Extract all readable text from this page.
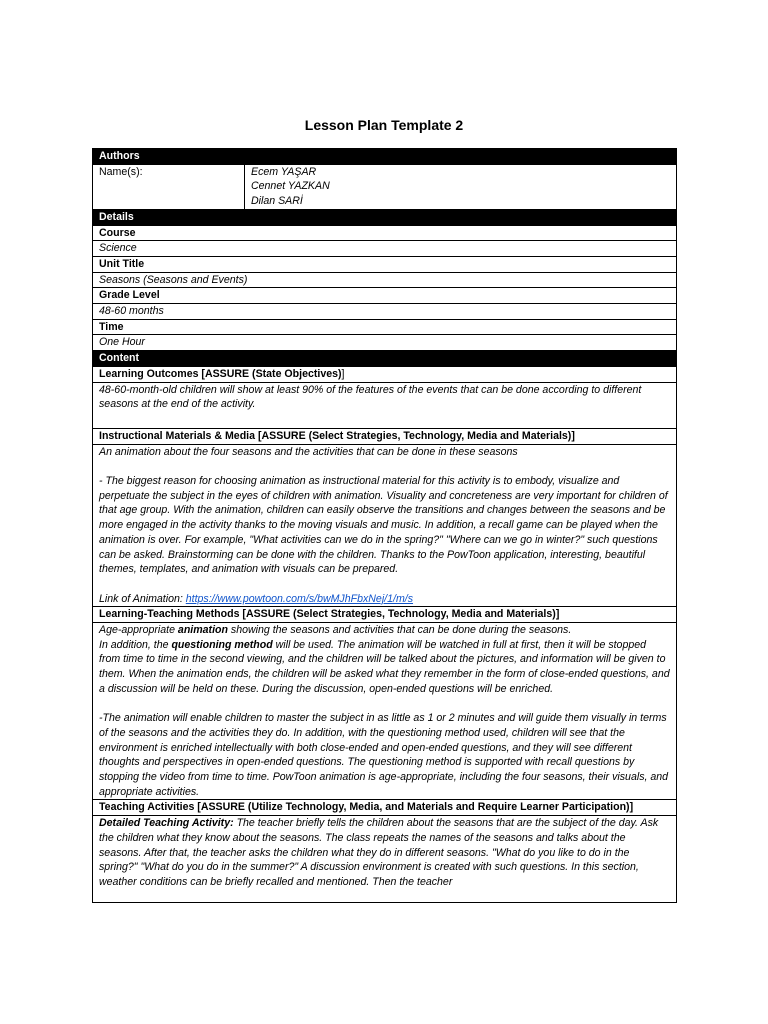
Lesson Plan Template 2
Authors
Name(s):	Ecem YAŞAR
Cennet YAZKAN
Dilan SARİ

Details
Course
Science
Unit Title
Seasons (Seasons and Events)
Grade Level
48-60 months
Time
One Hour
Content
Learning Outcomes [ASSURE (State Objectives)]
48-60-month-old children will show at least 90% of the features of the events that can be done according to different seasons at the end of the activity.
Instructional Materials & Media [ASSURE (Select Strategies, Technology, Media and Materials)]

An animation about the four seasons and the activities that can be done in these seasons

- The biggest reason for choosing animation as instructional material for this activity is to embody, visualize and perpetuate the subject in the eyes of children with animation. Visuality and concreteness are very important for children of that age group. With the animation, children can easily observe the transitions and changes between the seasons and be more engaged in the activity thanks to the moving visuals and music. In addition, a recall game can be played when the animation is over. For example, "What activities can we do in the spring?" "Where can we go in winter?" such questions can be asked. Brainstorming can be done with the children. Thanks to the PowToon application, interesting, beautiful themes, templates, and animation with visuals can be prepared.

Link of Animation: https://www.powtoon.com/s/bwMJhFbxNej/1/m/s

Learning-Teaching Methods [ASSURE (Select Strategies, Technology, Media and Materials)]

Age-appropriate animation showing the seasons and activities that can be done during the seasons.

In addition, the questioning method will be used. The animation will be watched in full at first, then it will be stopped from time to time in the second viewing, and the children will be talked about the pictures, and information will be given to them. When the animation ends, the children will be asked what they remember in the form of close-ended questions, and a discussion will be held on these. During the discussion, open-ended questions will be enriched.

-The animation will enable children to master the subject in as little as 1 or 2 minutes and will guide them visually in terms of the seasons and the activities they do. In addition, with the questioning method used, children will see that the environment is enriched intellectually with both close-ended and open-ended questions, and they will see different thoughts and perspectives in open-ended questions. The questioning method is supported with recall questions by stopping the video from time to time. PowToon animation is age-appropriate, including the four seasons, their visuals, and appropriate activities.

Teaching Activities [ASSURE (Utilize Technology, Media, and Materials and Require Learner Participation)]

Detailed Teaching Activity: The teacher briefly tells the children about the seasons that are the subject of the day. Ask the children what they know about the seasons. The class repeats the names of the seasons and talks about the seasons. After that, the teacher asks the children what they do in different seasons. "What do you like to do in the spring?" "What do you do in the summer?" A discussion environment is created with such questions. In this section, weather conditions can be briefly recalled and mentioned. Then the teacher
